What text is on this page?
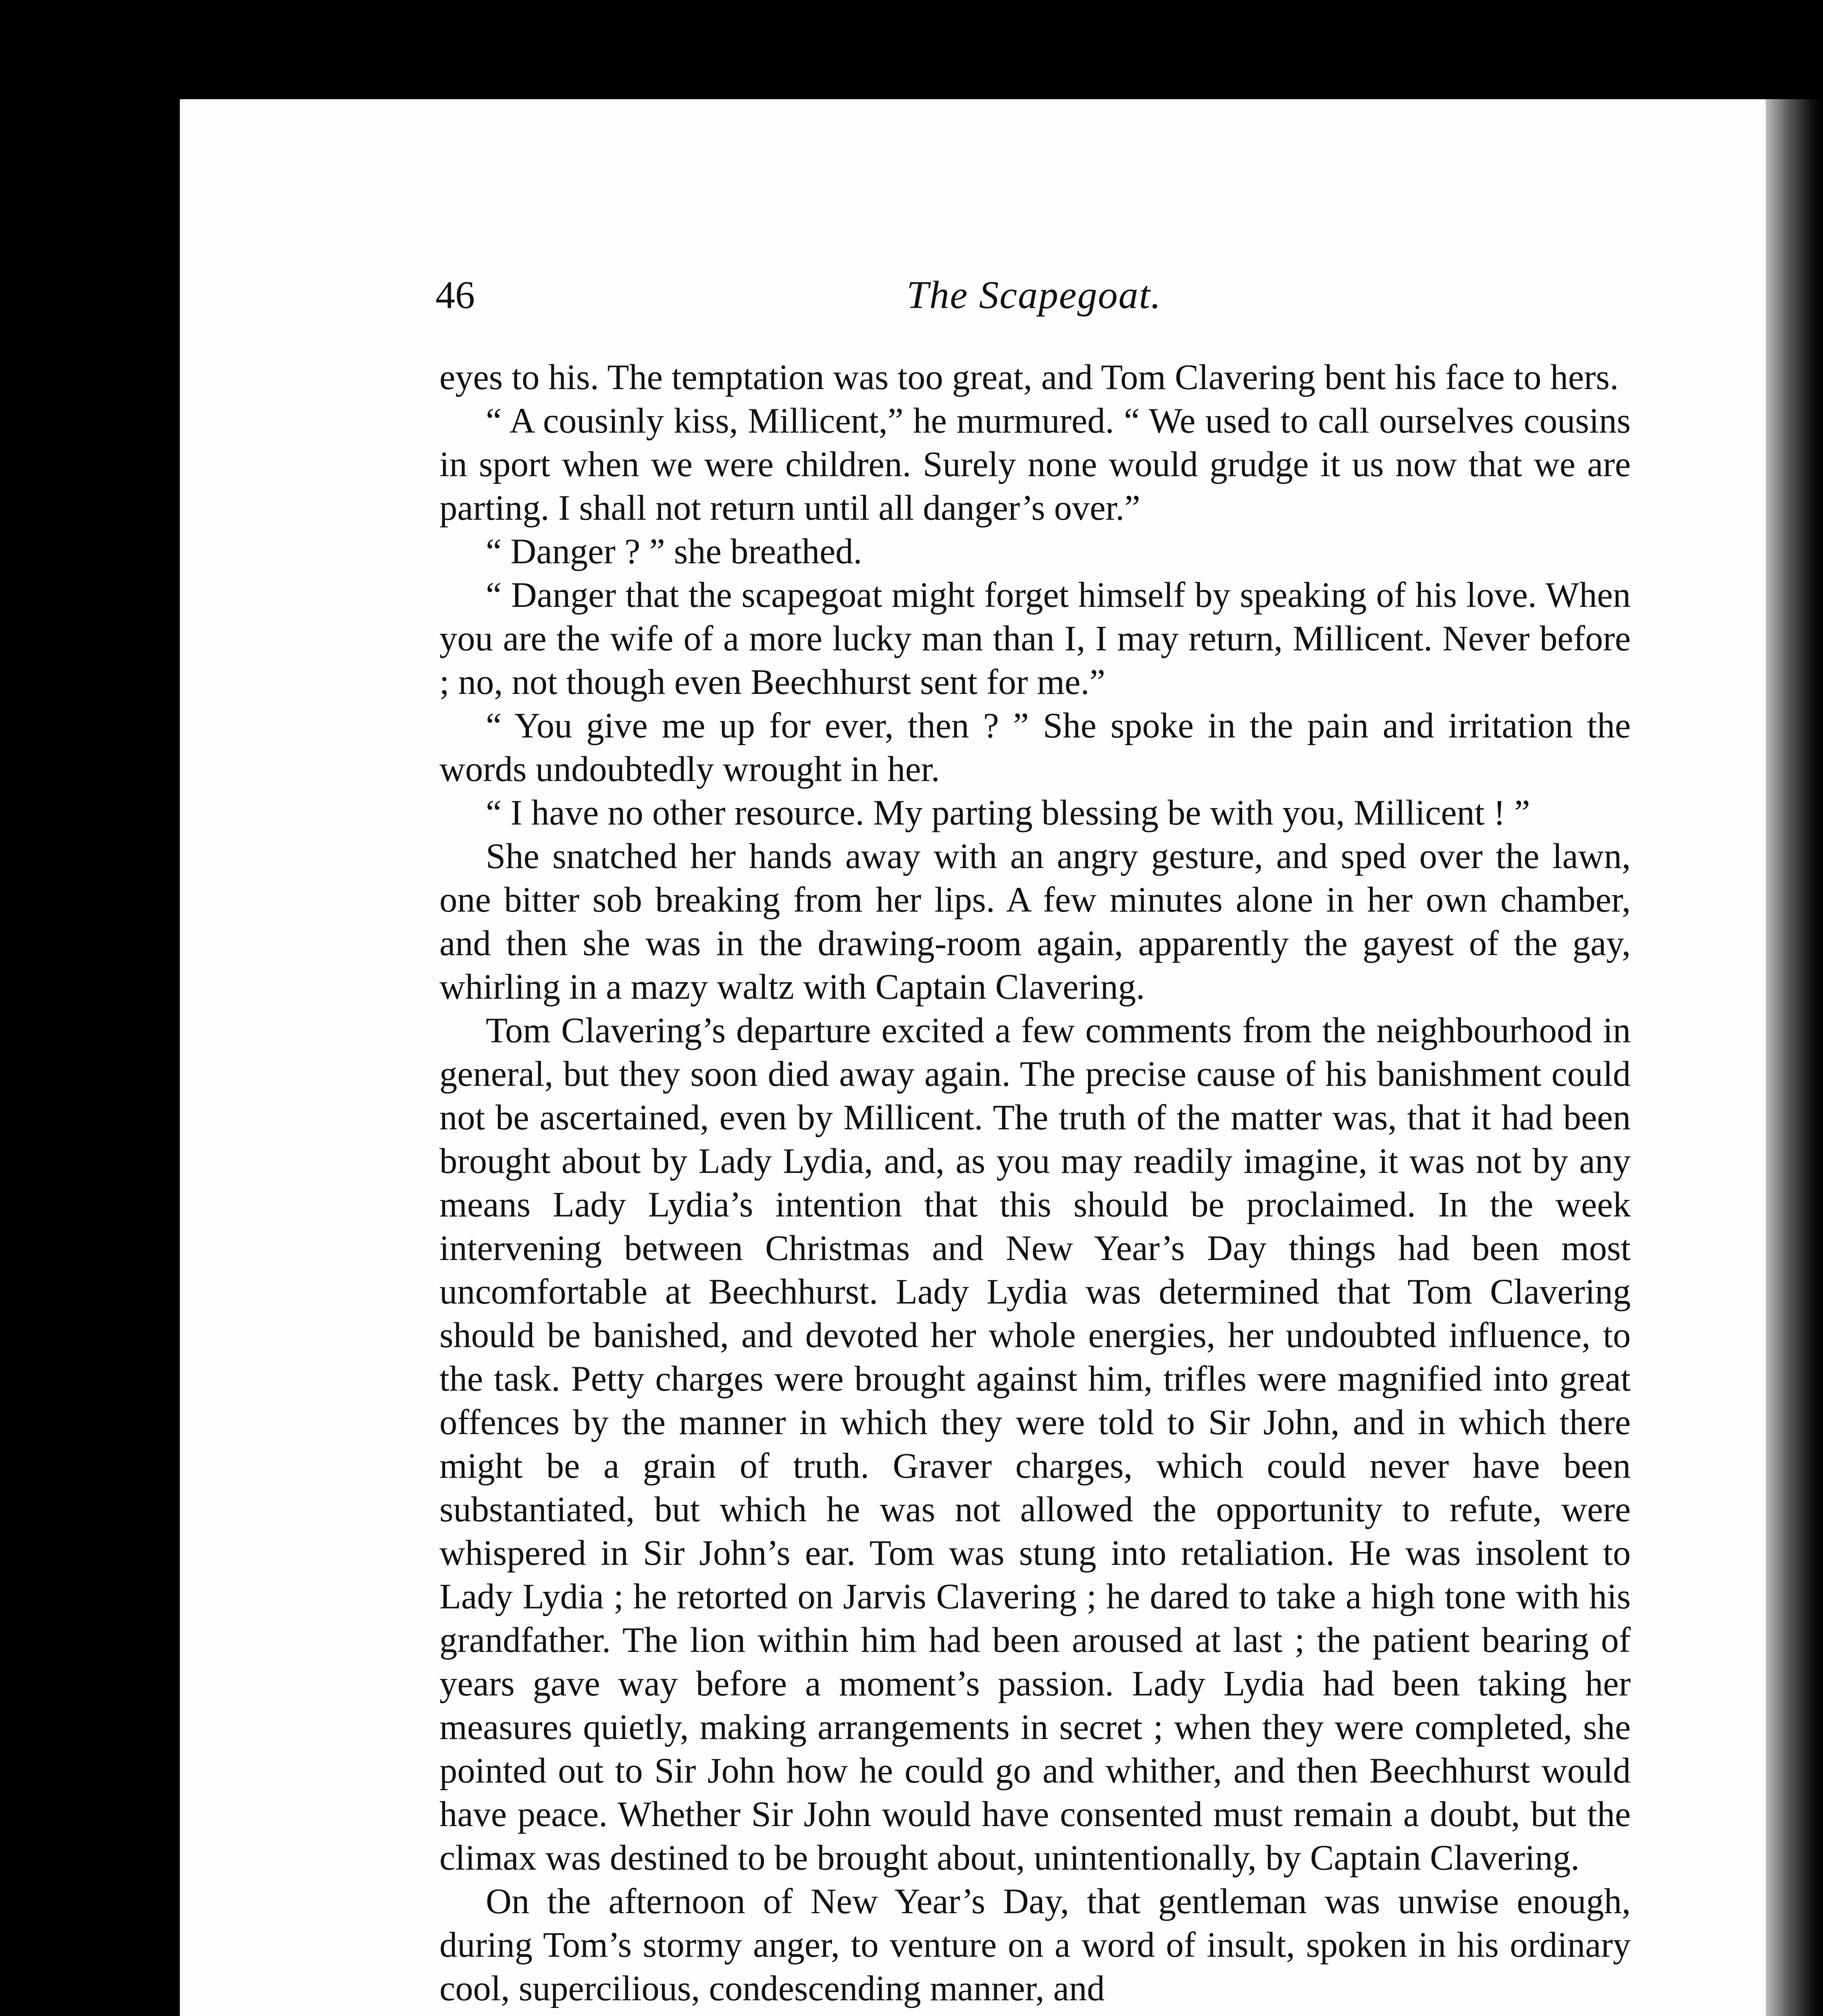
46	The Scapegoat.

eyes to his. The temptation was too great, and Tom Clavering bent his face to hers.

“ A cousinly kiss, Millicent,” he murmured. “ We used to call ourselves cousins in sport when we were children. Surely none would grudge it us now that we are parting. I shall not return until all danger’s over.”

“ Danger ? ” she breathed.

“ Danger that the scapegoat might forget himself by speaking of his love. When you are the wife of a more lucky man than I, I may return, Millicent. Never before ; no, not though even Beechhurst sent for me.”

“ You give me up for ever, then ? ” She spoke in the pain and irritation the words undoubtedly wrought in her.

“ I have no other resource. My parting blessing be with you, Millicent ! ”

She snatched her hands away with an angry gesture, and sped over the lawn, one bitter sob breaking from her lips. A few minutes alone in her own chamber, and then she was in the drawing-room again, apparently the gayest of the gay, whirling in a mazy waltz with Captain Clavering.

Tom Clavering’s departure excited a few comments from the neighbourhood in general, but they soon died away again. The precise cause of his banishment could not be ascertained, even by Millicent. The truth of the matter was, that it had been brought about by Lady Lydia, and, as you may readily imagine, it was not by any means Lady Lydia’s intention that this should be proclaimed. In the week intervening between Christmas and New Year’s Day things had been most uncomfortable at Beechhurst. Lady Lydia was determined that Tom Clavering should be banished, and devoted her whole energies, her undoubted influence, to the task. Petty charges were brought against him, trifles were magnified into great offences by the manner in which they were told to Sir John, and in which there might be a grain of truth. Graver charges, which could never have been substantiated, but which he was not allowed the opportunity to refute, were whispered in Sir John’s ear. Tom was stung into retaliation. He was insolent to Lady Lydia ; he retorted on Jarvis Clavering ; he dared to take a high tone with his grandfather. The lion within him had been aroused at last ; the patient bearing of years gave way before a moment’s passion. Lady Lydia had been taking her measures quietly, making arrangements in secret ; when they were completed, she pointed out to Sir John how he could go and whither, and then Beechhurst would have peace. Whether Sir John would have consented must remain a doubt, but the climax was destined to be brought about, unintentionally, by Captain Clavering.

On the afternoon of New Year’s Day, that gentleman was unwise enough, during Tom’s stormy anger, to venture on a word of insult, spoken in his ordinary cool, supercilious, condescending manner, and
